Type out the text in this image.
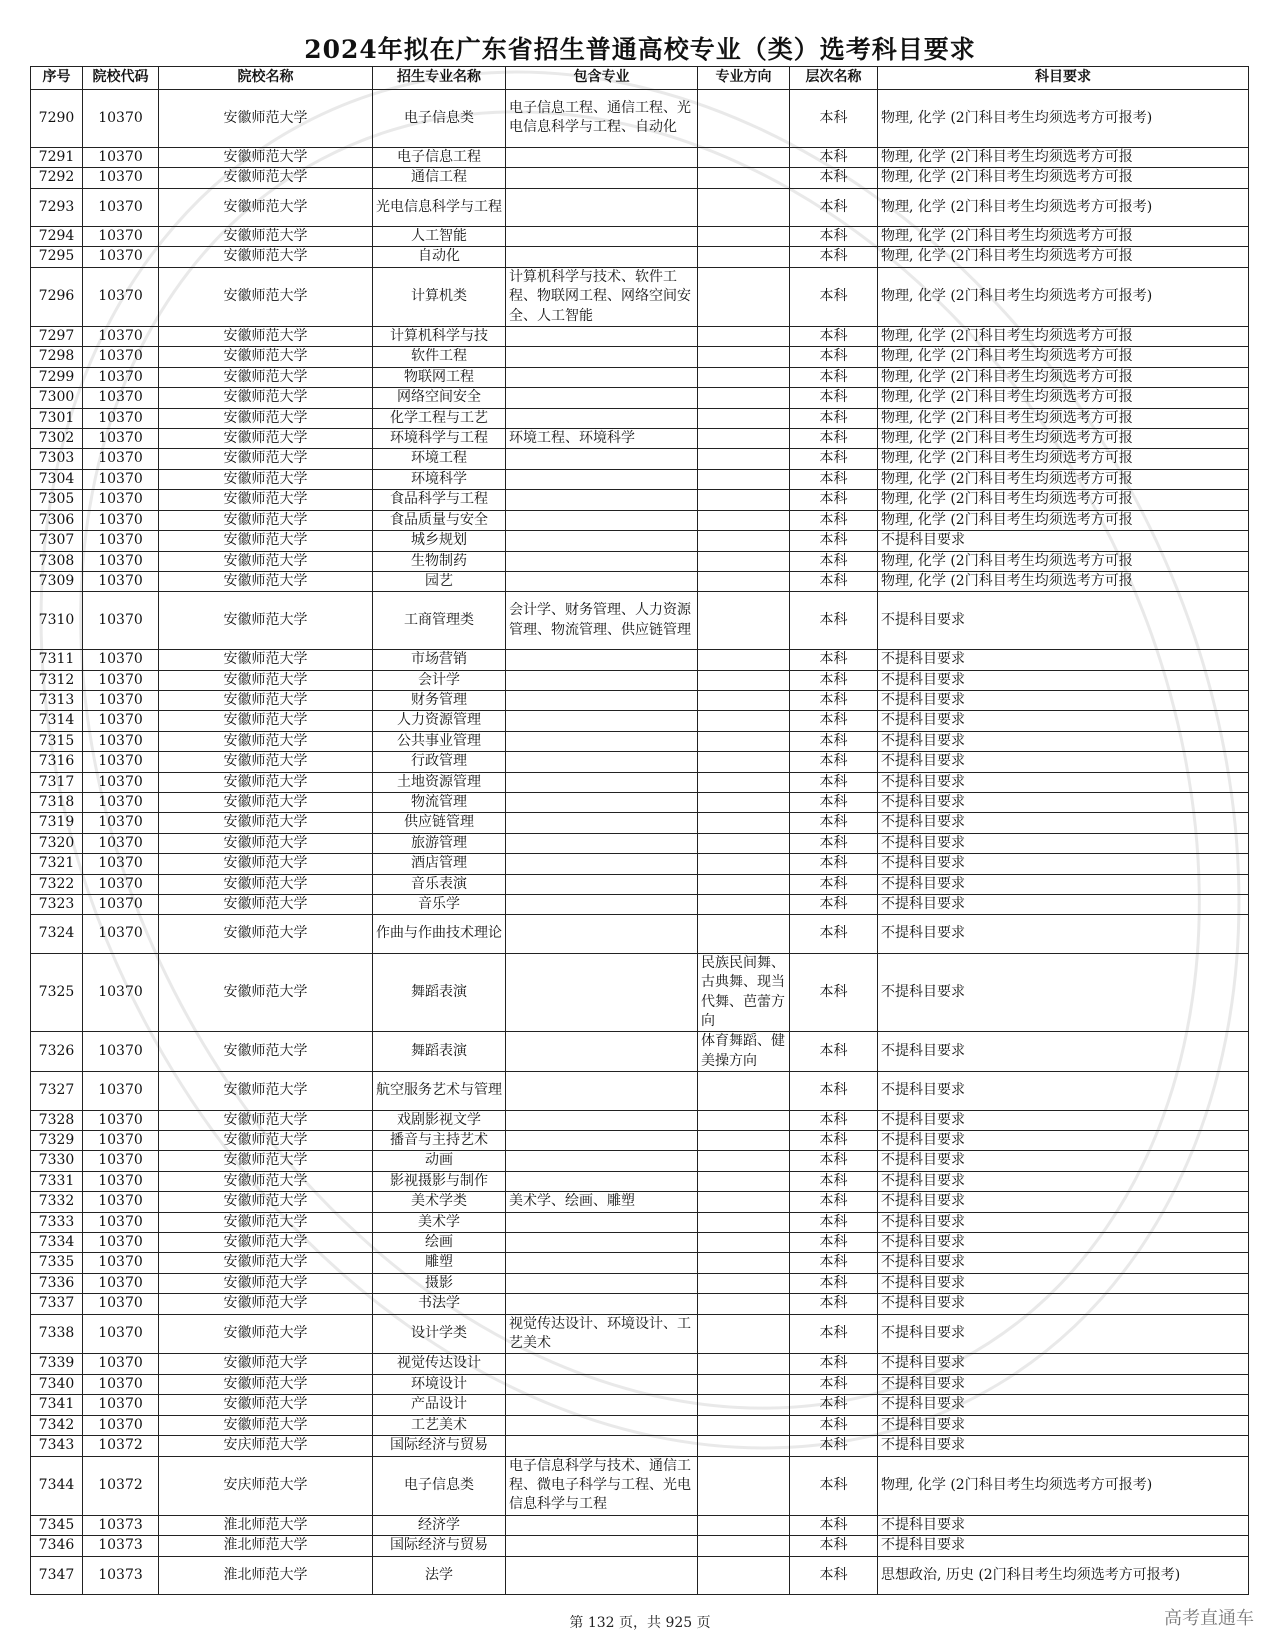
2024年拟在广东省招生普通高校专业（类）选考科目要求
序号	院校代码	院校名称	招生专业名称	包含专业	专业方向	层次名称	科目要求
7290	10370	安徽师范大学	电子信息类	电子信息工程、通信工程、光电信息科学与工程、自动化		本科	物理, 化学 (2门科目考生均须选考方可报考)
7291	10370	安徽师范大学	电子信息工程			本科	物理, 化学 (2门科目考生均须选考方可报
7292	10370	安徽师范大学	通信工程			本科	物理, 化学 (2门科目考生均须选考方可报
7293	10370	安徽师范大学	光电信息科学与工程			本科	物理, 化学 (2门科目考生均须选考方可报考)
7294	10370	安徽师范大学	人工智能			本科	物理, 化学 (2门科目考生均须选考方可报
7295	10370	安徽师范大学	自动化			本科	物理, 化学 (2门科目考生均须选考方可报
7296	10370	安徽师范大学	计算机类	计算机科学与技术、软件工程、物联网工程、网络空间安全、人工智能		本科	物理, 化学 (2门科目考生均须选考方可报考)
7297	10370	安徽师范大学	计算机科学与技			本科	物理, 化学 (2门科目考生均须选考方可报
7298	10370	安徽师范大学	软件工程			本科	物理, 化学 (2门科目考生均须选考方可报
7299	10370	安徽师范大学	物联网工程			本科	物理, 化学 (2门科目考生均须选考方可报
7300	10370	安徽师范大学	网络空间安全			本科	物理, 化学 (2门科目考生均须选考方可报
7301	10370	安徽师范大学	化学工程与工艺			本科	物理, 化学 (2门科目考生均须选考方可报
7302	10370	安徽师范大学	环境科学与工程	环境工程、环境科学		本科	物理, 化学 (2门科目考生均须选考方可报
7303	10370	安徽师范大学	环境工程			本科	物理, 化学 (2门科目考生均须选考方可报
7304	10370	安徽师范大学	环境科学			本科	物理, 化学 (2门科目考生均须选考方可报
7305	10370	安徽师范大学	食品科学与工程			本科	物理, 化学 (2门科目考生均须选考方可报
7306	10370	安徽师范大学	食品质量与安全			本科	物理, 化学 (2门科目考生均须选考方可报
7307	10370	安徽师范大学	城乡规划			本科	不提科目要求
7308	10370	安徽师范大学	生物制药			本科	物理, 化学 (2门科目考生均须选考方可报
7309	10370	安徽师范大学	园艺			本科	物理, 化学 (2门科目考生均须选考方可报
7310	10370	安徽师范大学	工商管理类	会计学、财务管理、人力资源管理、物流管理、供应链管理		本科	不提科目要求
7311	10370	安徽师范大学	市场营销			本科	不提科目要求
7312	10370	安徽师范大学	会计学			本科	不提科目要求
7313	10370	安徽师范大学	财务管理			本科	不提科目要求
7314	10370	安徽师范大学	人力资源管理			本科	不提科目要求
7315	10370	安徽师范大学	公共事业管理			本科	不提科目要求
7316	10370	安徽师范大学	行政管理			本科	不提科目要求
7317	10370	安徽师范大学	土地资源管理			本科	不提科目要求
7318	10370	安徽师范大学	物流管理			本科	不提科目要求
7319	10370	安徽师范大学	供应链管理			本科	不提科目要求
7320	10370	安徽师范大学	旅游管理			本科	不提科目要求
7321	10370	安徽师范大学	酒店管理			本科	不提科目要求
7322	10370	安徽师范大学	音乐表演			本科	不提科目要求
7323	10370	安徽师范大学	音乐学			本科	不提科目要求
7324	10370	安徽师范大学	作曲与作曲技术理论			本科	不提科目要求
7325	10370	安徽师范大学	舞蹈表演		民族民间舞、古典舞、现当代舞、芭蕾方向	本科	不提科目要求
7326	10370	安徽师范大学	舞蹈表演		体育舞蹈、健美操方向	本科	不提科目要求
7327	10370	安徽师范大学	航空服务艺术与管理			本科	不提科目要求
7328	10370	安徽师范大学	戏剧影视文学			本科	不提科目要求
7329	10370	安徽师范大学	播音与主持艺术			本科	不提科目要求
7330	10370	安徽师范大学	动画			本科	不提科目要求
7331	10370	安徽师范大学	影视摄影与制作			本科	不提科目要求
7332	10370	安徽师范大学	美术学类	美术学、绘画、雕塑		本科	不提科目要求
7333	10370	安徽师范大学	美术学			本科	不提科目要求
7334	10370	安徽师范大学	绘画			本科	不提科目要求
7335	10370	安徽师范大学	雕塑			本科	不提科目要求
7336	10370	安徽师范大学	摄影			本科	不提科目要求
7337	10370	安徽师范大学	书法学			本科	不提科目要求
7338	10370	安徽师范大学	设计学类	视觉传达设计、环境设计、工艺美术		本科	不提科目要求
7339	10370	安徽师范大学	视觉传达设计			本科	不提科目要求
7340	10370	安徽师范大学	环境设计			本科	不提科目要求
7341	10370	安徽师范大学	产品设计			本科	不提科目要求
7342	10370	安徽师范大学	工艺美术			本科	不提科目要求
7343	10372	安庆师范大学	国际经济与贸易			本科	不提科目要求
7344	10372	安庆师范大学	电子信息类	电子信息科学与技术、通信工程、微电子科学与工程、光电信息科学与工程		本科	物理, 化学 (2门科目考生均须选考方可报考)
7345	10373	淮北师范大学	经济学			本科	不提科目要求
7346	10373	淮北师范大学	国际经济与贸易			本科	不提科目要求
7347	10373	淮北师范大学	法学			本科	思想政治, 历史 (2门科目考生均须选考方可报考)
第 132 页，共 925 页	高考直通车
